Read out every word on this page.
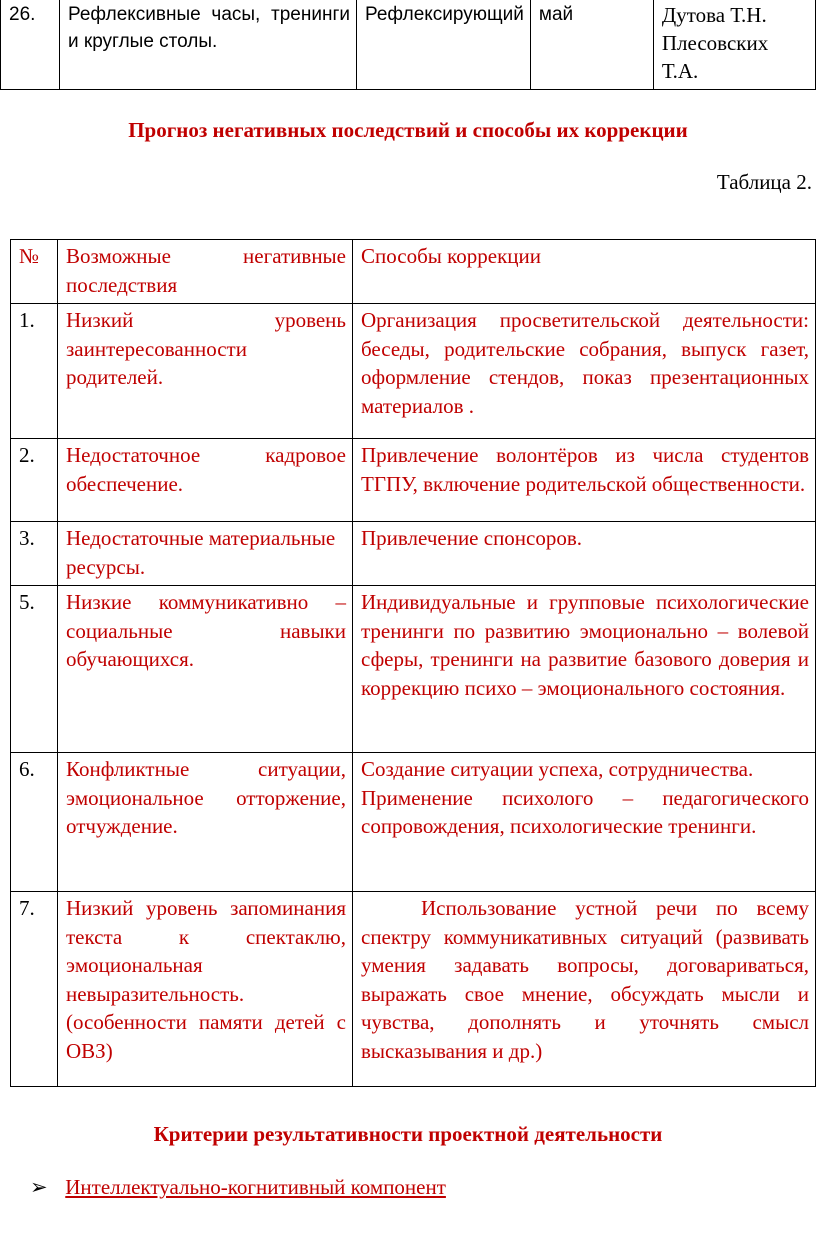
26.	Рефлексивные часы, тренинги и круглые столы.	Рефлексирующий	май	Дутова Т.Н.
Плесовских Т.А.
Прогноз негативных последствий и способы их коррекции
Таблица 2.
№	Возможные негативные последствия	Способы коррекции
1.	Низкий уровень заинтересованности родителей.	Организация просветительской деятельности: беседы, родительские собрания, выпуск газет, оформление стендов, показ презентационных материалов .
2.	Недостаточное кадровое обеспечение.	Привлечение волонтёров из числа студентов ТГПУ, включение родительской общественности.
3.	Недостаточные материальные ресурсы.	Привлечение спонсоров.
5.	Низкие коммуникативно – социальные навыки обучающихся.	Индивидуальные и групповые психологические тренинги по развитию эмоционально – волевой сферы, тренинги на развитие базового доверия и коррекцию психо – эмоционального состояния.
6.	Конфликтные ситуации, эмоциональное отторжение, отчуждение.	Создание ситуации успеха, сотрудничества.
Применение психолого – педагогического сопровождения, психологические тренинги.

7.	Низкий уровень запоминания текста к спектаклю, эмоциональная невыразительность. (особенности памяти детей с ОВЗ)	Использование устной речи по всему спектру коммуникативных ситуаций (развивать умения задавать вопросы, договариваться, выражать свое мнение, обсуждать мысли и чувства, дополнять и уточнять смысл высказывания и др.)
Критерии результативности проектной деятельности
➢ Интеллектуально-когнитивный компонент
